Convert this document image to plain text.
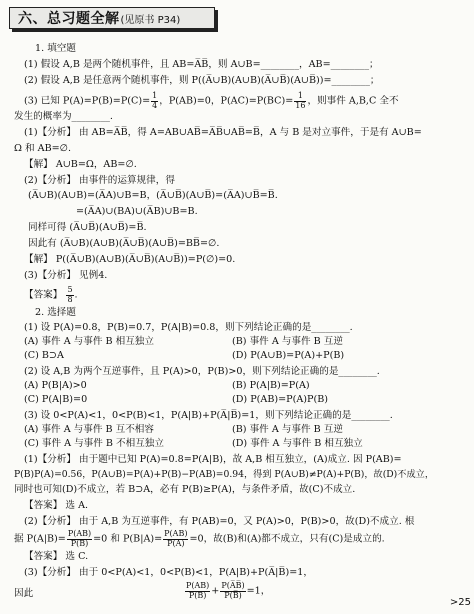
六、总习题全解 (见原书 P34)
1. 填空题
(1) 假设 A,B 是两个随机事件，且 AB=A̅B̅，则 A∪B=________，AB=________；
(2) 假设 A,B 是任意两个随机事件，则 P((A̅∪B)(A∪B)(A̅∪B̅)(A∪B̅))=________；
(3) 已知 $P(A)=P(B)=P(C)= \frac{1}{4}$ ，P(AB)=0，$P(AC)=P(BC)= \frac{1}{16}$ ，则事件 A,B,C 全不
发生的概率为________.
(1)【分析】 由 AB=A̅B̅，得 A=AB∪AB̅=A̅B̅∪AB̅=B̅，A 与 B 是对立事件，于是有 A∪B=
Ω 和 AB=∅.
【解】 A∪B=Ω，AB=∅.
(2)【分析】 由事件的运算规律，得
(A̅∪B)(A∪B)=(A̅A)∪B=B，(A̅∪B̅)(A∪B̅)=(A̅A)∪B̅=B̅.
=(A̅A)∪(BA)∪(A̅B)∪B=B.
同样可得 (A̅∪B̅)(A∪B̅)=B̅.
因此有 (A̅∪B)(A∪B)(A̅∪B̅)(A∪B̅)=BB̅=∅.
【解】 P((A̅∪B)(A∪B)(A̅∪B̅)(A∪B̅))=P(∅)=0.
(3)【分析】 见例4.
【答案】 $\frac{5}{8}$ .
2. 选择题
(1) 设 P(A)=0.8，P(B)=0.7，P(A|B)=0.8，则下列结论正确的是________.
(A) 事件 A 与事件 B 相互独立	(B) 事件 A 与事件 B 互逆
(C) B⊃A	(D) P(A∪B)=P(A)+P(B)
(2) 设 A,B 为两个互逆事件，且 P(A)>0，P(B)>0，则下列结论正确的是________.
(A) P(B|A)>0	(B) P(A|B)=P(A)
(C) P(A|B)=0	(D) P(AB)=P(A)P(B)
(3) 设 0<P(A)<1，0<P(B)<1，P(A|B)+P(A̅|B̅)=1，则下列结论正确的是________.
(A) 事件 A 与事件 B 互不相容	(B) 事件 A 与事件 B 互逆
(C) 事件 A 与事件 B 不相互独立	(D) 事件 A 与事件 B 相互独立
(1)【分析】 由于题中已知 P(A)=0.8=P(A|B)，故 A,B 相互独立，(A)成立. 因 P(AB)=
P(B)P(A)=0.56，P(A∪B)=P(A)+P(B)−P(AB)=0.94，得到 P(A∪B)≠P(A)+P(B)，故(D)不成立，
同时也可知(D)不成立，若 B⊃A，必有 P(B)≥P(A)，与条件矛盾，故(C)不成立.
【答案】 选 A.
(2)【分析】 由于 A,B 为互逆事件，有 P(AB)=0，又 P(A)>0，P(B)>0，故(D)不成立. 根
据 $P(A|B)= \frac{P(AB)}{P(B)} =0$ 和 $P(B|A)= \frac{P(AB)}{P(A)} =0$，故(B)和(A)都不成立，只有(C)是成立的.
【答案】 选 C.
(3)【分析】 由于 0<P(A)<1，0<P(B)<1，P(A|B)+P(A̅|B̅)=1，
因此	$\frac{P(AB)}{P(B)} + \frac{P(A̅B̅)}{P(B̅)} =1$，
>25
